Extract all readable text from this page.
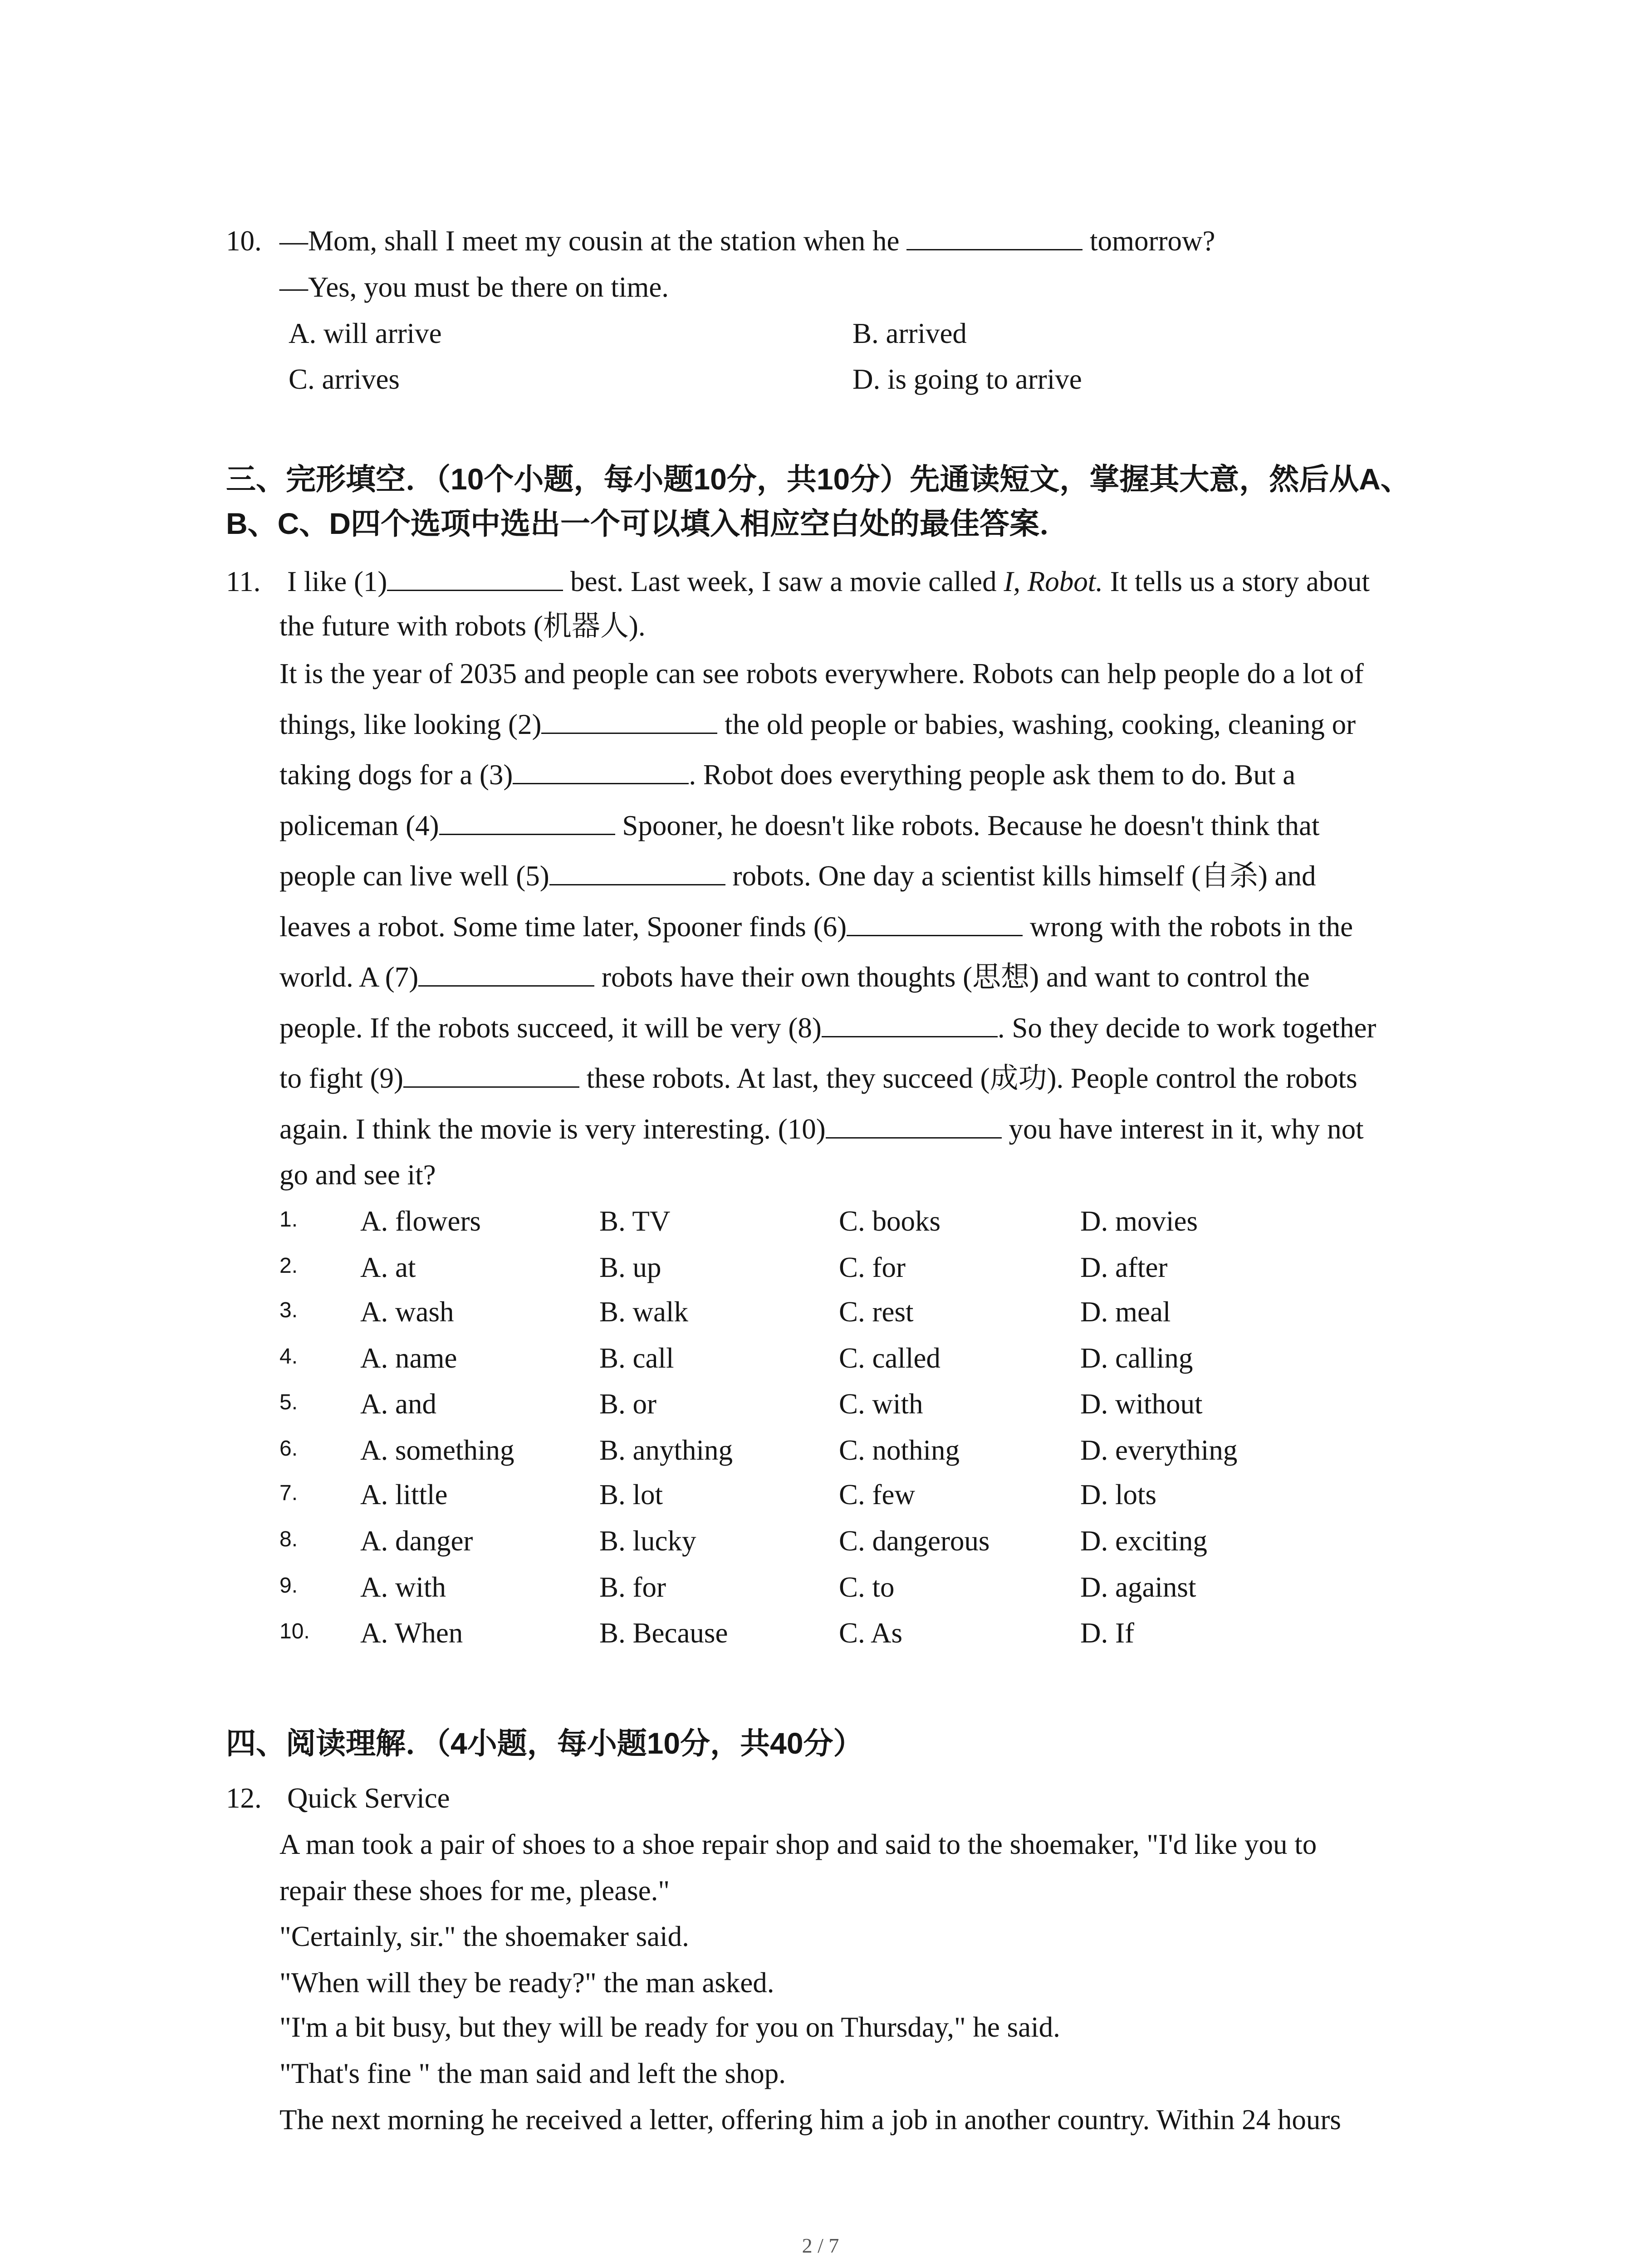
10. —Mom, shall I meet my cousin at the station when he	tomorrow?
—Yes, you must be there on time.
A. will arrive	B. arrived
C. arrives	D. is going to arrive
三、完形填空．（10个小题，每小题10分，共10分）先通读短文，掌握其大意，然后从A、
B、C、D四个选项中选出一个可以填入相应空白处的最佳答案．
11. I like (1)	best. Last week, I saw a movie called I, Robot. It tells us a story about
the future with robots (机器人).
It is the year of 2035 and people can see robots everywhere. Robots can help people do a lot of
things, like looking (2)	the old people or babies, washing, cooking, cleaning or
taking dogs for a (3)	. Robot does everything people ask them to do. But a
policeman (4)	Spooner, he doesn't like robots. Because he doesn't think that
people can live well (5)	robots. One day a scientist kills himself (自杀) and
leaves a robot. Some time later, Spooner finds (6)	wrong with the robots in the
world. A (7)	robots have their own thoughts (思想) and want to control the
people. If the robots succeed, it will be very (8)	. So they decide to work together
to fight (9)	these robots. At last, they succeed (成功). People control the robots
again. I think the movie is very interesting. (10)	you have interest in it, why not
go and see it?
1. A. flowers	B. TV	C. books	D. movies
2. A. at	B. up	C. for	D. after
3. A. wash	B. walk	C. rest	D. meal
4. A. name	B. call	C. called	D. calling
5. A. and	B. or	C. with	D. without
6. A. something	B. anything	C. nothing	D. everything
7. A. little	B. lot	C. few	D. lots
8. A. danger	B. lucky	C. dangerous	D. exciting
9. A. with	B. for	C. to	D. against
10. A. When	B. Because	C. As	D. If
四、阅读理解．（4小题，每小题10分，共40分）
12. Quick Service
A man took a pair of shoes to a shoe repair shop and said to the shoemaker, "I'd like you to
repair these shoes for me, please."
"Certainly, sir." the shoemaker said.
"When will they be ready?" the man asked.
"I'm a bit busy, but they will be ready for you on Thursday," he said.
"That's fine " the man said and left the shop.
The next morning he received a letter, offering him a job in another country. Within 24 hours
2 / 7
